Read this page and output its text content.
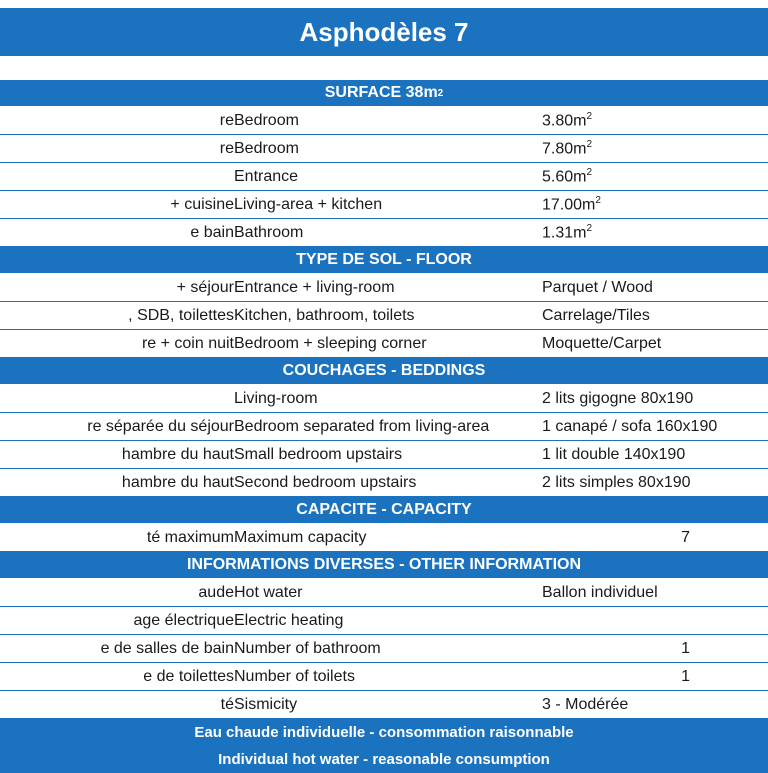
Asphodèles 7
SURFACE 38m 2
re Bedroom	$3.80m^2$
re Bedroom	$7.80m^2$
Entrance	$5.60m^2$
+ cuisine Living-area + kitchen	$17.00m^2$
e bain Bathroom	$1.31m^2$
TYPE DE SOL - FLOOR
+ séjour Entrance + living-room	Parquet / Wood
, SDB, toilettes Kitchen, bathroom, toilets	Carrelage/Tiles
re + coin nuit Bedroom + sleeping corner	Moquette/Carpet
COUCHAGES - BEDDINGS
Living-room	2 lits gigogne 80x190
re séparée du séjour Bedroom separated from living-area	1 canapé / sofa 160x190
hambre du haut Small bedroom upstairs	1 lit double 140x190
hambre du haut Second bedroom upstairs	2 lits simples 80x190
CAPACITE - CAPACITY
té maximum Maximum capacity	7
INFORMATIONS DIVERSES - OTHER INFORMATION
aude Hot water	Ballon individuel
age électrique Electric heating
e de salles de bain Number of bathroom	1
e de toilettes Number of toilets	1
té Sismicity	3 - Modérée
Eau chaude individuelle - consommation raisonnable
Individual hot water - reasonable consumption
